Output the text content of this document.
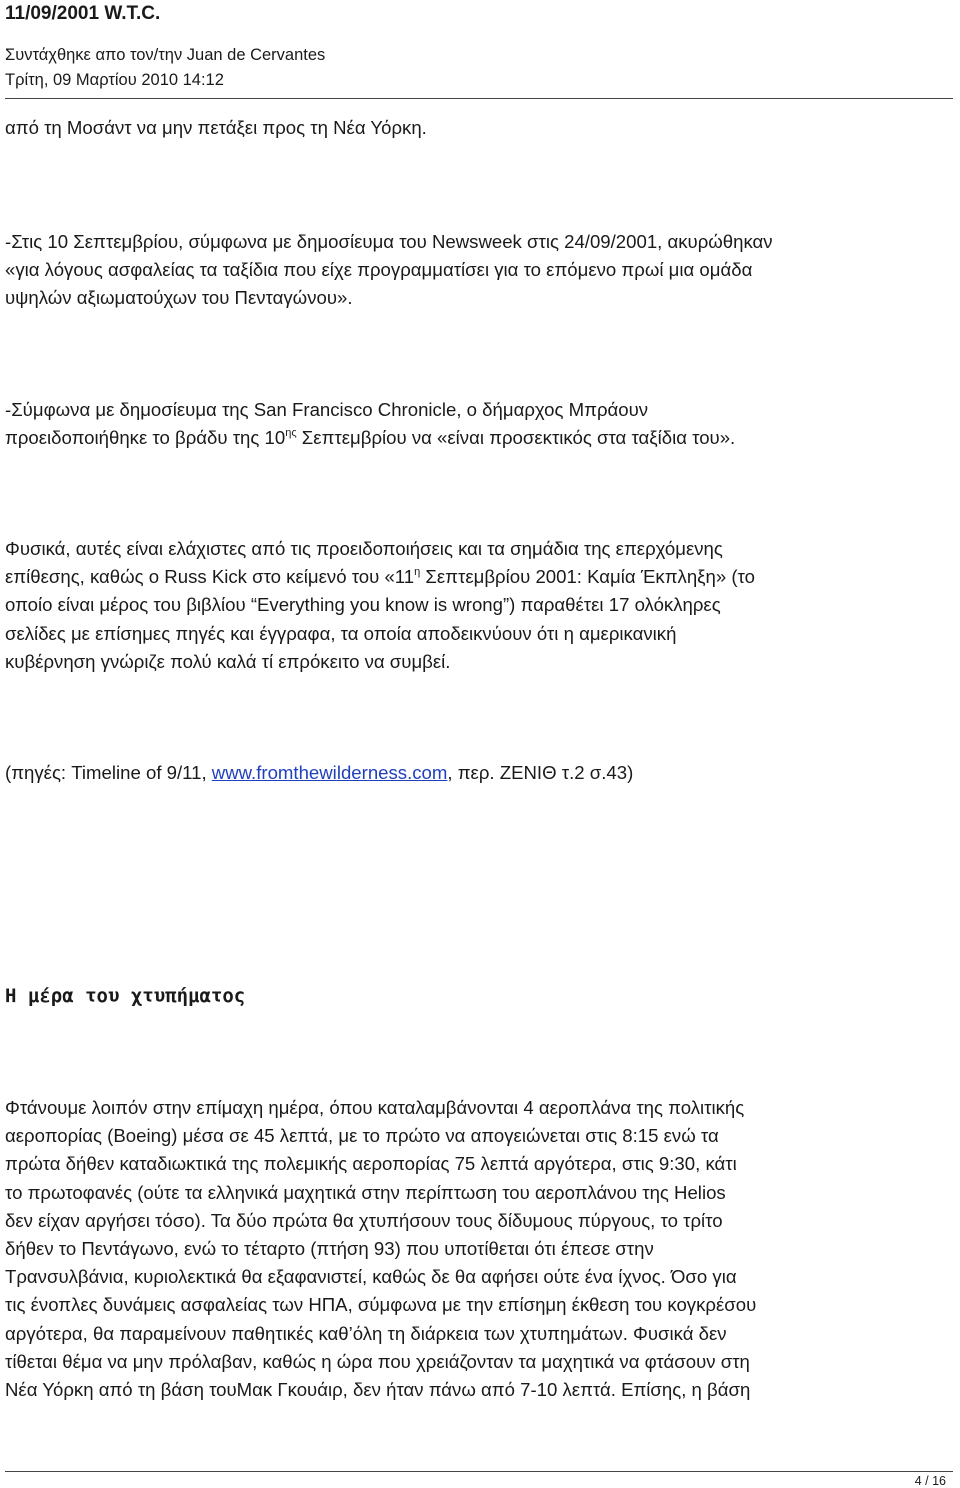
11/09/2001 W.T.C.
Συντάχθηκε απο τον/την Juan de Cervantes
Τρίτη, 09 Μαρτίου 2010 14:12

από τη Μοσάντ να μην πετάξει προς τη Νέα Υόρκη.

-Στις 10 Σεπτεμβρίου, σύμφωνα με δημοσίευμα του Newsweek στις 24/09/2001, ακυρώθηκαν
«για λόγους ασφαλείας τα ταξίδια που είχε προγραμματίσει για το επόμενο πρωί μια ομάδα
υψηλών αξιωματούχων του Πενταγώνου».

-Σύμφωνα με δημοσίευμα της San Francisco Chronicle, ο δήμαρχος Μπράουν
προειδοποιήθηκε το βράδυ της $10^{\eta\varsigma}$ Σεπτεμβρίου να «είναι προσεκτικός στα ταξίδια του».

Φυσικά, αυτές είναι ελάχιστες από τις προειδοποιήσεις και τα σημάδια της επερχόμενης
επίθεσης, καθώς ο Russ Kick στο κείμενό του «$11^\eta$ Σεπτεμβρίου 2001: Καμία Έκπληξη» (το
οποίο είναι μέρος του βιβλίου “Everything you know is wrong”) παραθέτει 17 ολόκληρες
σελίδες με επίσημες πηγές και έγγραφα, τα οποία αποδεικνύουν ότι η αμερικανική
κυβέρνηση γνώριζε πολύ καλά τί επρόκειτο να συμβεί.

(πηγές: Timeline of 9/11, www.fromthewilderness.com, περ. ΖΕΝΙΘ τ.2 σ.43)

Η μέρα του χτυπήματος

Φτάνουμε λοιπόν στην επίμαχη ημέρα, όπου καταλαμβάνονται 4 αεροπλάνα της πολιτικής
αεροπορίας (Boeing) μέσα σε 45 λεπτά, με το πρώτο να απογειώνεται στις 8:15 ενώ τα
πρώτα δήθεν καταδιωκτικά της πολεμικής αεροπορίας 75 λεπτά αργότερα, στις 9:30, κάτι
το πρωτοφανές (ούτε τα ελληνικά μαχητικά στην περίπτωση του αεροπλάνου της Helios
δεν είχαν αργήσει τόσο). Τα δύο πρώτα θα χτυπήσουν τους δίδυμους πύργους, το τρίτο
δήθεν το Πεντάγωνο, ενώ το τέταρτο (πτήση 93) που υποτίθεται ότι έπεσε στην
Τρανσυλβάνια, κυριολεκτικά θα εξαφανιστεί, καθώς δε θα αφήσει ούτε ένα ίχνος. Όσο για
τις ένοπλες δυνάμεις ασφαλείας των ΗΠΑ, σύμφωνα με την επίσημη έκθεση του κογκρέσου
αργότερα, θα παραμείνουν παθητικές καθ’όλη τη διάρκεια των χτυπημάτων. Φυσικά δεν
τίθεται θέμα να μην πρόλαβαν, καθώς η ώρα που χρειάζονταν τα μαχητικά να φτάσουν στη
Νέα Υόρκη από τη βάση τουΜακ Γκουάιρ, δεν ήταν πάνω από 7-10 λεπτά. Επίσης, η βάση

4 / 16
